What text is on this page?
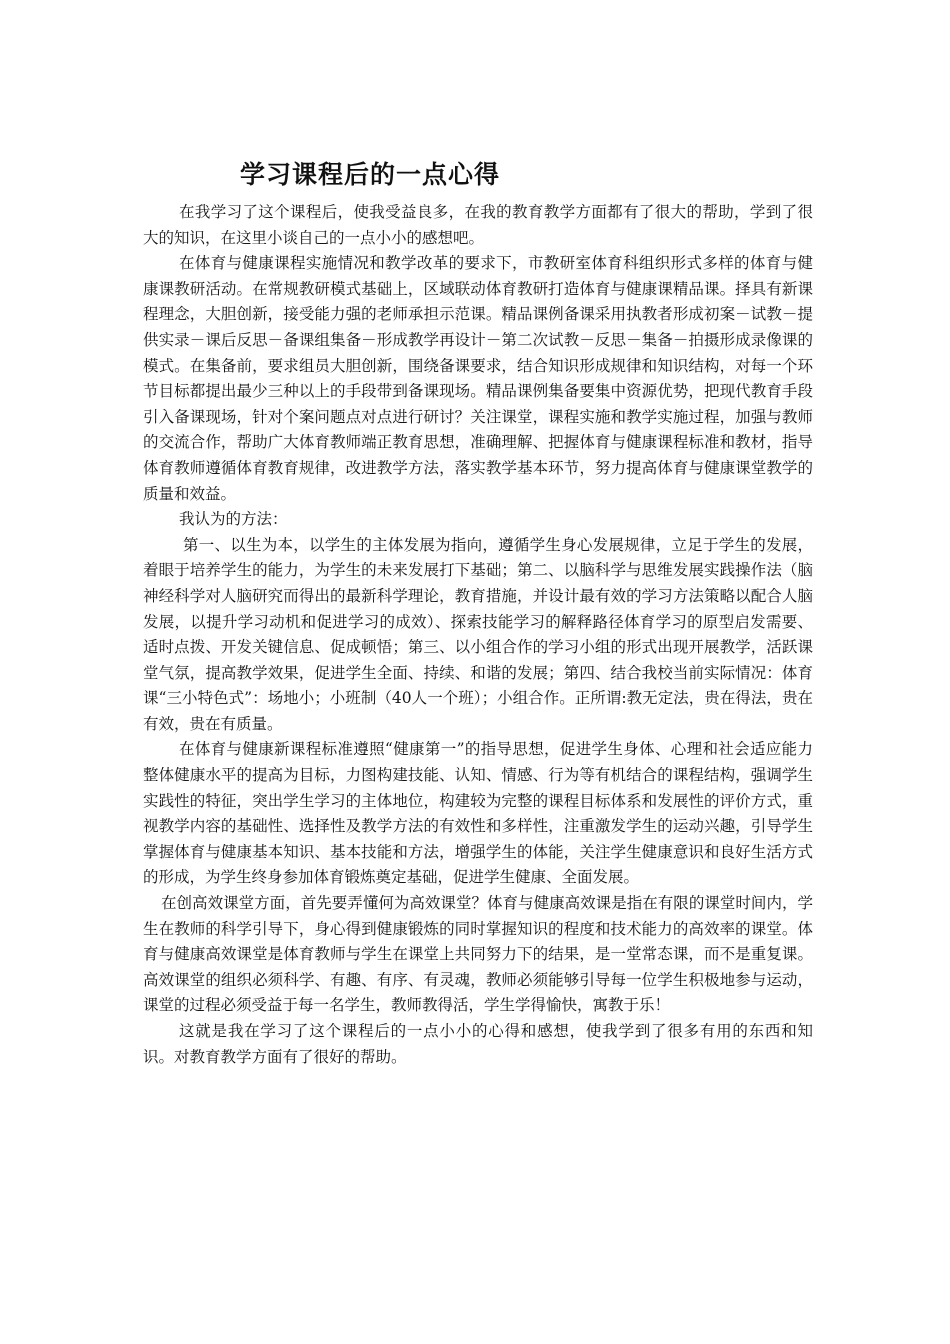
学习课程后的一点心得

在我学习了这个课程后，使我受益良多，在我的教育教学方面都有了很大的帮助，学到了很大的知识，在这里小谈自己的一点小小的感想吧。

在体育与健康课程实施情况和教学改革的要求下，市教研室体育科组织形式多样的体育与健康课教研活动。在常规教研模式基础上，区域联动体育教研打造体育与健康课精品课。择具有新课程理念，大胆创新，接受能力强的老师承担示范课。精品课例备课采用执教者形成初案－试教－提供实录－课后反思－备课组集备－形成教学再设计－第二次试教－反思－集备－拍摄形成录像课的模式。在集备前，要求组员大胆创新，围绕备课要求，结合知识形成规律和知识结构，对每一个环节目标都提出最少三种以上的手段带到备课现场。精品课例集备要集中资源优势，把现代教育手段引入备课现场，针对个案问题点对点进行研讨？关注课堂，课程实施和教学实施过程，加强与教师的交流合作，帮助广大体育教师端正教育思想，准确理解、把握体育与健康课程标准和教材，指导体育教师遵循体育教育规律，改进教学方法，落实教学基本环节，努力提高体育与健康课堂教学的质量和效益。

我认为的方法：

第一、以生为本，以学生的主体发展为指向，遵循学生身心发展规律，立足于学生的发展，着眼于培养学生的能力，为学生的未来发展打下基础；第二、以脑科学与思维发展实践操作法（脑神经科学对人脑研究而得出的最新科学理论，教育措施，并设计最有效的学习方法策略以配合人脑发展，以提升学习动机和促进学习的成效）、探索技能学习的解释路径体育学习的原型启发需要、适时点拨、开发关键信息、促成顿悟；第三、以小组合作的学习小组的形式出现开展教学，活跃课堂气氛，提高教学效果，促进学生全面、持续、和谐的发展；第四、结合我校当前实际情况：体育课“三小特色式”：场地小；小班制（40人一个班）；小组合作。正所谓:教无定法，贵在得法，贵在有效，贵在有质量。

在体育与健康新课程标准遵照“健康第一”的指导思想，促进学生身体、心理和社会适应能力整体健康水平的提高为目标，力图构建技能、认知、情感、行为等有机结合的课程结构，强调学生实践性的特征，突出学生学习的主体地位，构建较为完整的课程目标体系和发展性的评价方式，重视教学内容的基础性、选择性及教学方法的有效性和多样性，注重激发学生的运动兴趣，引导学生掌握体育与健康基本知识、基本技能和方法，增强学生的体能，关注学生健康意识和良好生活方式的形成，为学生终身参加体育锻炼奠定基础，促进学生健康、全面发展。

在创高效课堂方面，首先要弄懂何为高效课堂？体育与健康高效课是指在有限的课堂时间内，学生在教师的科学引导下，身心得到健康锻炼的同时掌握知识的程度和技术能力的高效率的课堂。体育与健康高效课堂是体育教师与学生在课堂上共同努力下的结果，是一堂常态课，而不是重复课。高效课堂的组织必须科学、有趣、有序、有灵魂，教师必须能够引导每一位学生积极地参与运动，课堂的过程必须受益于每一名学生，教师教得活，学生学得愉快，寓教于乐！

这就是我在学习了这个课程后的一点小小的心得和感想，使我学到了很多有用的东西和知识。对教育教学方面有了很好的帮助。
